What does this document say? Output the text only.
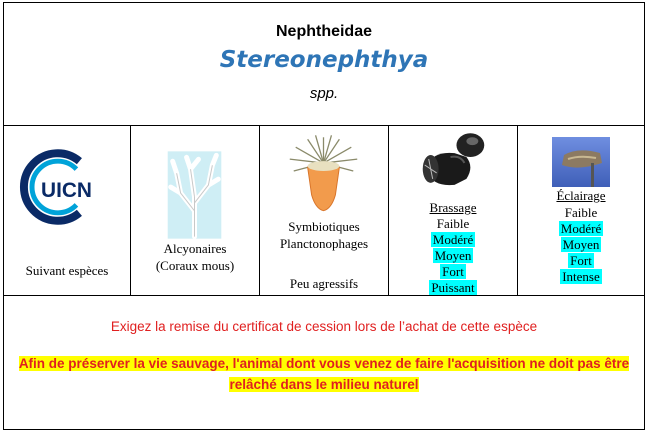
Nephtheidae
Stereonephthya
spp.
UICN
Suivant espèces
Alcyonaires
(Coraux mous)
Symbiotiques
Planctonophages
Peu agressifs
Brassage
Faible
Modéré
Moyen
Fort
Puissant
Éclairage
Faible
Modéré
Moyen
Fort
Intense
Exigez la remise du certificat de cession lors de l’achat de cette espèce
Afin de préserver la vie sauvage, l'animal dont vous venez de faire l'acquisition ne doit pas être
relâché dans le milieu naturel
